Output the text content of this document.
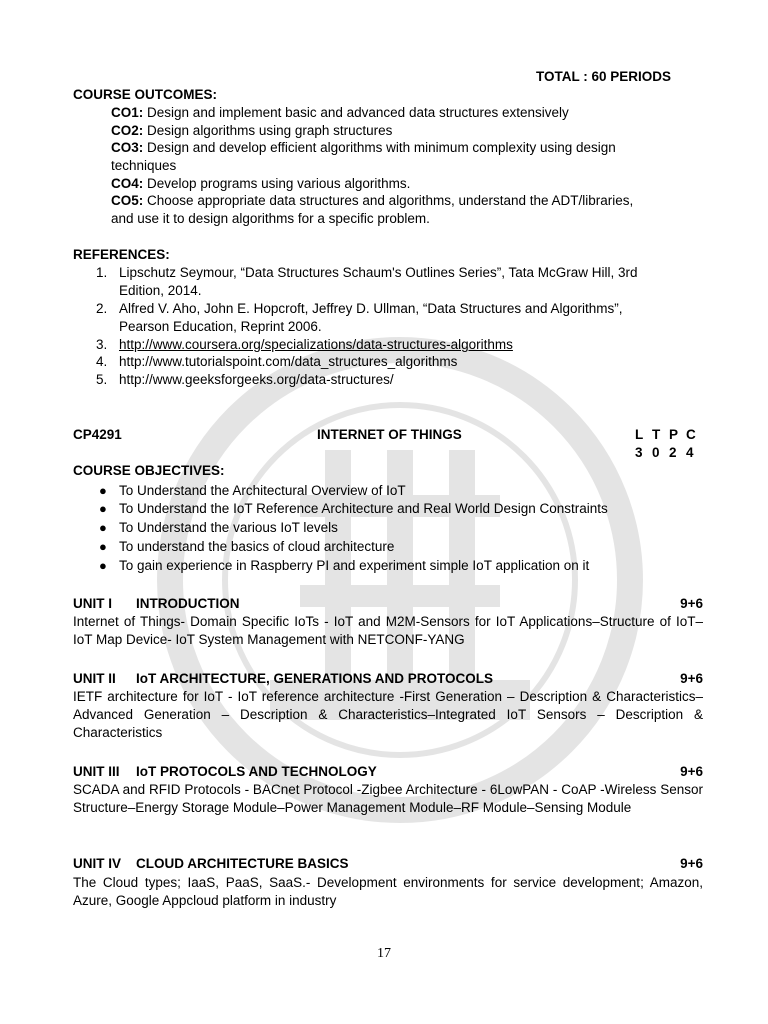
TOTAL : 60 PERIODS
COURSE OUTCOMES:
CO1: Design and implement basic and advanced data structures extensively
CO2: Design algorithms using graph structures
CO3: Design and develop efficient algorithms with minimum complexity using design
techniques
CO4: Develop programs using various algorithms.
CO5: Choose appropriate data structures and algorithms, understand the ADT/libraries,
and use it to design algorithms for a specific problem.
REFERENCES:
1. Lipschutz Seymour, “Data Structures Schaum's Outlines Series”, Tata McGraw Hill, 3rd
Edition, 2014.
2. Alfred V. Aho, John E. Hopcroft, Jeffrey D. Ullman, “Data Structures and Algorithms”,
Pearson Education, Reprint 2006.
3. http://www.coursera.org/specializations/data-structures-algorithms
4. http://www.tutorialspoint.com/data_structures_algorithms
5. http://www.geeksforgeeks.org/data-structures/
CP4291	INTERNET OF THINGS	L T P C
3 0 2 4
COURSE OBJECTIVES:
● To Understand the Architectural Overview of IoT
● To Understand the IoT Reference Architecture and Real World Design Constraints
● To Understand the various IoT levels
● To understand the basics of cloud architecture
● To gain experience in Raspberry PI and experiment simple IoT application on it
UNIT I INTRODUCTION	9+6
Internet of Things- Domain Specific IoTs - IoT and M2M-Sensors for IoT Applications–Structure of IoT– IoT Map Device- IoT System Management with NETCONF-YANG
UNIT II IoT ARCHITECTURE, GENERATIONS AND PROTOCOLS	9+6
IETF architecture for IoT - IoT reference architecture -First Generation – Description & Characteristics–Advanced Generation – Description & Characteristics–Integrated IoT Sensors – Description & Characteristics
UNIT III IoT PROTOCOLS AND TECHNOLOGY	9+6
SCADA and RFID Protocols - BACnet Protocol -Zigbee Architecture - 6LowPAN - CoAP -Wireless Sensor Structure–Energy Storage Module–Power Management Module–RF Module–Sensing Module
UNIT IV CLOUD ARCHITECTURE BASICS	9+6
The Cloud types; IaaS, PaaS, SaaS.- Development environments for service development; Amazon, Azure, Google Appcloud platform in industry
17
